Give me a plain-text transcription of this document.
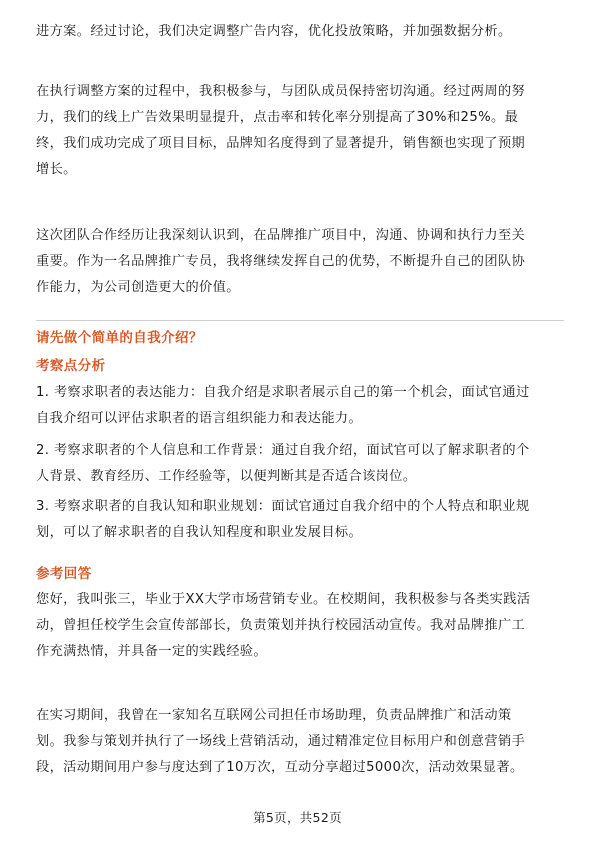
进方案。经过讨论，我们决定调整广告内容，优化投放策略，并加强数据分析。

在执行调整方案的过程中，我积极参与，与团队成员保持密切沟通。经过两周的努
力，我们的线上广告效果明显提升，点击率和转化率分别提高了30%和25%。最
终，我们成功完成了项目目标，品牌知名度得到了显著提升，销售额也实现了预期
增长。

这次团队合作经历让我深刻认识到，在品牌推广项目中，沟通、协调和执行力至关
重要。作为一名品牌推广专员，我将继续发挥自己的优势，不断提升自己的团队协
作能力，为公司创造更大的价值。

请先做个简单的自我介绍？

考察点分析

1. 考察求职者的表达能力：自我介绍是求职者展示自己的第一个机会，面试官通过
自我介绍可以评估求职者的语言组织能力和表达能力。

2. 考察求职者的个人信息和工作背景：通过自我介绍，面试官可以了解求职者的个
人背景、教育经历、工作经验等，以便判断其是否适合该岗位。

3. 考察求职者的自我认知和职业规划：面试官通过自我介绍中的个人特点和职业规
划，可以了解求职者的自我认知程度和职业发展目标。

参考回答

您好，我叫张三，毕业于XX大学市场营销专业。在校期间，我积极参与各类实践活
动，曾担任校学生会宣传部部长，负责策划并执行校园活动宣传。我对品牌推广工
作充满热情，并具备一定的实践经验。

在实习期间，我曾在一家知名互联网公司担任市场助理，负责品牌推广和活动策
划。我参与策划并执行了一场线上营销活动，通过精准定位目标用户和创意营销手
段，活动期间用户参与度达到了10万次，互动分享超过5000次，活动效果显著。

第5页，共52页
